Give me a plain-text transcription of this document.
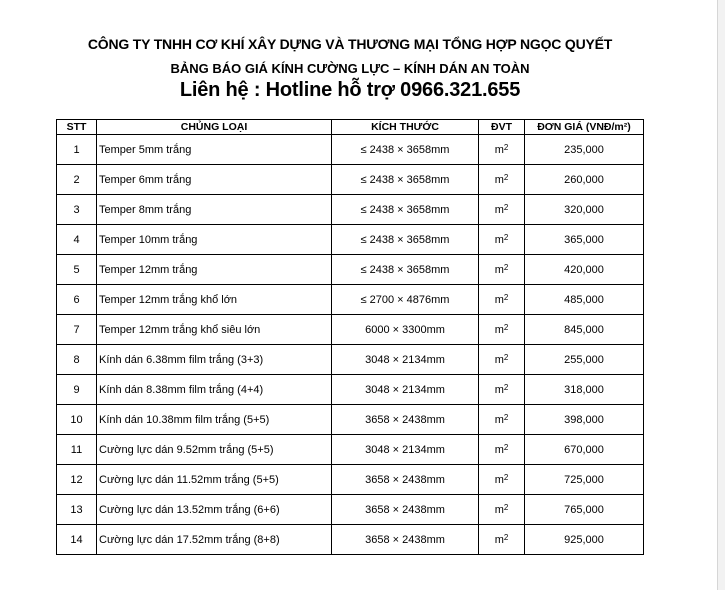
CÔNG TY TNHH CƠ KHÍ XÂY DỰNG VÀ THƯƠNG MẠI TỔNG HỢP NGỌC QUYẾT
BẢNG BÁO GIÁ KÍNH CƯỜNG LỰC – KÍNH DÁN AN TOÀN
Liên hệ : Hotline hỗ trợ 0966.321.655
STT	CHỦNG LOẠI	KÍCH THƯỚC	ĐVT	ĐƠN GIÁ (VNĐ/m²)
1	Temper 5mm trắng	≤ 2438 × 3658mm	$m^2$	235,000
2	Temper 6mm trắng	≤ 2438 × 3658mm	$m^2$	260,000
3	Temper 8mm trắng	≤ 2438 × 3658mm	$m^2$	320,000
4	Temper 10mm trắng	≤ 2438 × 3658mm	$m^2$	365,000
5	Temper 12mm trắng	≤ 2438 × 3658mm	$m^2$	420,000
6	Temper 12mm trắng khổ lớn	≤ 2700 × 4876mm	$m^2$	485,000
7	Temper 12mm trắng khổ siêu lớn	6000 × 3300mm	$m^2$	845,000
8	Kính dán 6.38mm film trắng (3+3)	3048 × 2134mm	$m^2$	255,000
9	Kính dán 8.38mm film trắng (4+4)	3048 × 2134mm	$m^2$	318,000
10	Kính dán 10.38mm film trắng (5+5)	3658 × 2438mm	$m^2$	398,000
11	Cường lực dán 9.52mm trắng (5+5)	3048 × 2134mm	$m^2$	670,000
12	Cường lực dán 11.52mm trắng (5+5)	3658 × 2438mm	$m^2$	725,000
13	Cường lực dán 13.52mm trắng (6+6)	3658 × 2438mm	$m^2$	765,000
14	Cường lực dán 17.52mm trắng (8+8)	3658 × 2438mm	$m^2$	925,000
